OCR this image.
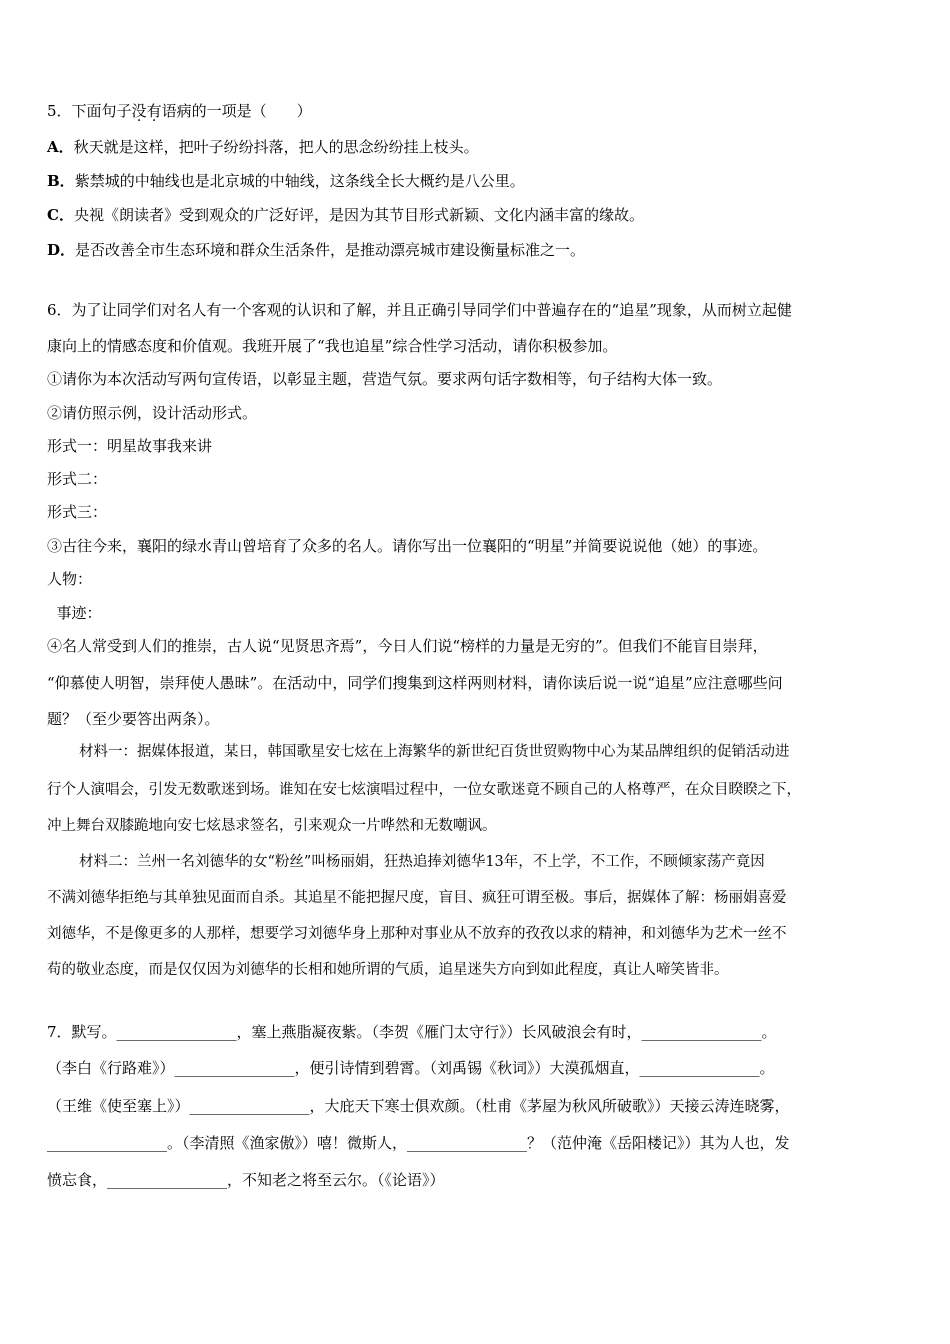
5．下面句子没有语病的一项是（　　）
A．秋天就是这样，把叶子纷纷抖落，把人的思念纷纷挂上枝头。
B．紫禁城的中轴线也是北京城的中轴线，这条线全长大概约是八公里。
C．央视《朗读者》受到观众的广泛好评，是因为其节目形式新颖、文化内涵丰富的缘故。
D．是否改善全市生态环境和群众生活条件，是推动漂亮城市建设衡量标准之一。
6．为了让同学们对名人有一个客观的认识和了解，并且正确引导同学们中普遍存在的“追星”现象，从而树立起健
康向上的情感态度和价值观。我班开展了“我也追星”综合性学习活动，请你积极参加。
①请你为本次活动写两句宣传语，以彰显主题，营造气氛。要求两句话字数相等，句子结构大体一致。
②请仿照示例，设计活动形式。
形式一：明星故事我来讲
形式二：
形式三：
③古往今来，襄阳的绿水青山曾培育了众多的名人。请你写出一位襄阳的“明星”并简要说说他（她）的事迹。
人物：
事迹：
④名人常受到人们的推崇，古人说“见贤思齐焉”，今日人们说“榜样的力量是无穷的”。但我们不能盲目崇拜，
“仰慕使人明智，崇拜使人愚昧”。在活动中，同学们搜集到这样两则材料，请你读后说一说“追星”应注意哪些问
题？（至少要答出两条）。
材料一：据媒体报道，某日，韩国歌星安七炫在上海繁华的新世纪百货世贸购物中心为某品牌组织的促销活动进
行个人演唱会，引发无数歌迷到场。谁知在安七炫演唱过程中，一位女歌迷竟不顾自己的人格尊严，在众目睽睽之下，
冲上舞台双膝跪地向安七炫恳求签名，引来观众一片哗然和无数嘲讽。
材料二：兰州一名刘德华的女“粉丝”叫杨丽娟，狂热追捧刘德华13年，不上学，不工作，不顾倾家荡产竟因
不满刘德华拒绝与其单独见面而自杀。其追星不能把握尺度，盲目、疯狂可谓至极。事后，据媒体了解：杨丽娟喜爱
刘德华，不是像更多的人那样，想要学习刘德华身上那种对事业从不放弃的孜孜以求的精神，和刘德华为艺术一丝不
苟的敬业态度，而是仅仅因为刘德华的长相和她所谓的气质，追星迷失方向到如此程度，真让人啼笑皆非。
7．默写。________________，塞上燕脂凝夜紫。（李贺《雁门太守行》）长风破浪会有时，________________。
（李白《行路难》）________________，便引诗情到碧霄。（刘禹锡《秋词》）大漠孤烟直，________________。
（王维《使至塞上》）________________，大庇天下寒士俱欢颜。（杜甫《茅屋为秋风所破歌》）天接云涛连晓雾，
________________。（李清照《渔家傲》）嘻！微斯人，________________？（范仲淹《岳阳楼记》）其为人也，发
愤忘食，________________，不知老之将至云尔。（《论语》）
